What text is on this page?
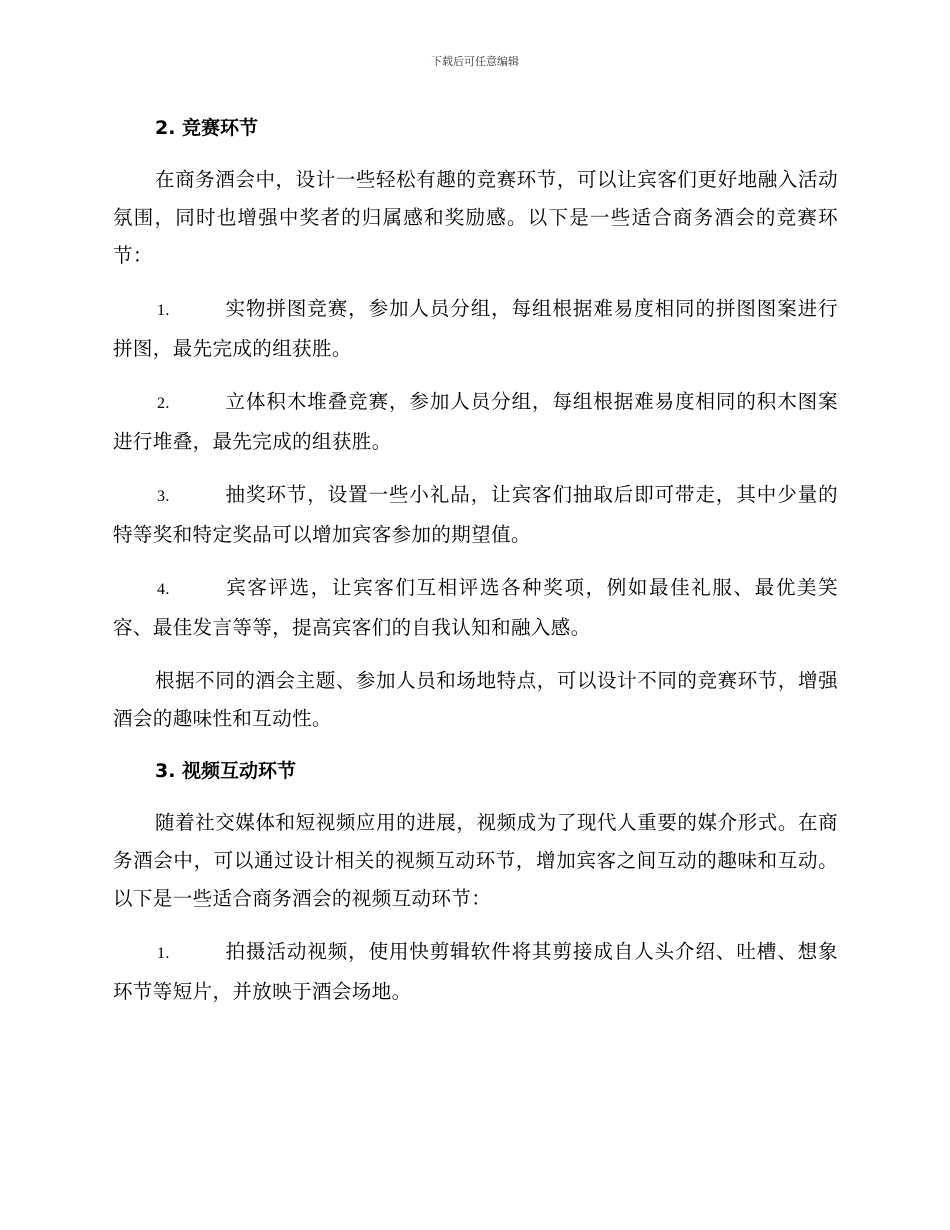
下载后可任意编辑
2. 竞赛环节

在商务酒会中，设计一些轻松有趣的竞赛环节，可以让宾客们更好地融入活动氛围，同时也增强中奖者的归属感和奖励感。以下是一些适合商务酒会的竞赛环节：

1.	实物拼图竞赛，参加人员分组，每组根据难易度相同的拼图图案进行拼图，最先完成的组获胜。

2.	立体积木堆叠竞赛，参加人员分组，每组根据难易度相同的积木图案进行堆叠，最先完成的组获胜。

3.	抽奖环节，设置一些小礼品，让宾客们抽取后即可带走，其中少量的特等奖和特定奖品可以增加宾客参加的期望值。

4.	宾客评选，让宾客们互相评选各种奖项，例如最佳礼服、最优美笑容、最佳发言等等，提高宾客们的自我认知和融入感。

根据不同的酒会主题、参加人员和场地特点，可以设计不同的竞赛环节，增强酒会的趣味性和互动性。

3. 视频互动环节

随着社交媒体和短视频应用的进展，视频成为了现代人重要的媒介形式。在商务酒会中，可以通过设计相关的视频互动环节，增加宾客之间互动的趣味和互动。以下是一些适合商务酒会的视频互动环节：

1.	拍摄活动视频，使用快剪辑软件将其剪接成自人头介绍、吐槽、想象环节等短片，并放映于酒会场地。
